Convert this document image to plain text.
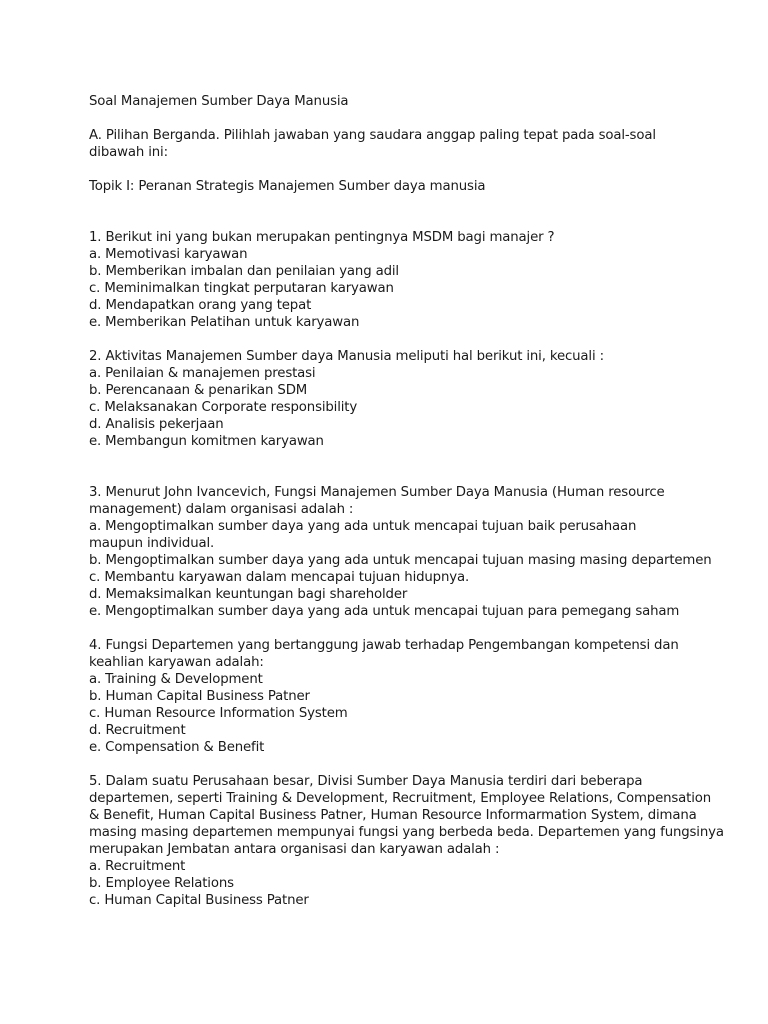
Soal Manajemen Sumber Daya Manusia
A. Pilihan Berganda. Pilihlah jawaban yang saudara anggap paling tepat pada soal-soal
dibawah ini:
Topik I: Peranan Strategis Manajemen Sumber daya manusia
1. Berikut ini yang bukan merupakan pentingnya MSDM bagi manajer ?
a. Memotivasi karyawan
b. Memberikan imbalan dan penilaian yang adil
c. Meminimalkan tingkat perputaran karyawan
d. Mendapatkan orang yang tepat
e. Memberikan Pelatihan untuk karyawan
2. Aktivitas Manajemen Sumber daya Manusia meliputi hal berikut ini, kecuali :
a. Penilaian & manajemen prestasi
b. Perencanaan & penarikan SDM
c. Melaksanakan Corporate responsibility
d. Analisis pekerjaan
e. Membangun komitmen karyawan
3. Menurut John Ivancevich, Fungsi Manajemen Sumber Daya Manusia (Human resource
management) dalam organisasi adalah :
a. Mengoptimalkan sumber daya yang ada untuk mencapai tujuan baik perusahaan
maupun individual.
b. Mengoptimalkan sumber daya yang ada untuk mencapai tujuan masing masing departemen
c. Membantu karyawan dalam mencapai tujuan hidupnya.
d. Memaksimalkan keuntungan bagi shareholder
e. Mengoptimalkan sumber daya yang ada untuk mencapai tujuan para pemegang saham
4. Fungsi Departemen yang bertanggung jawab terhadap Pengembangan kompetensi dan
keahlian karyawan adalah:
a. Training & Development
b. Human Capital Business Patner
c. Human Resource Information System
d. Recruitment
e. Compensation & Benefit
5. Dalam suatu Perusahaan besar, Divisi Sumber Daya Manusia terdiri dari beberapa
departemen, seperti Training & Development, Recruitment, Employee Relations, Compensation
& Benefit, Human Capital Business Patner, Human Resource Informarmation System, dimana
masing masing departemen mempunyai fungsi yang berbeda beda. Departemen yang fungsinya
merupakan Jembatan antara organisasi dan karyawan adalah :
a. Recruitment
b. Employee Relations
c. Human Capital Business Patner
